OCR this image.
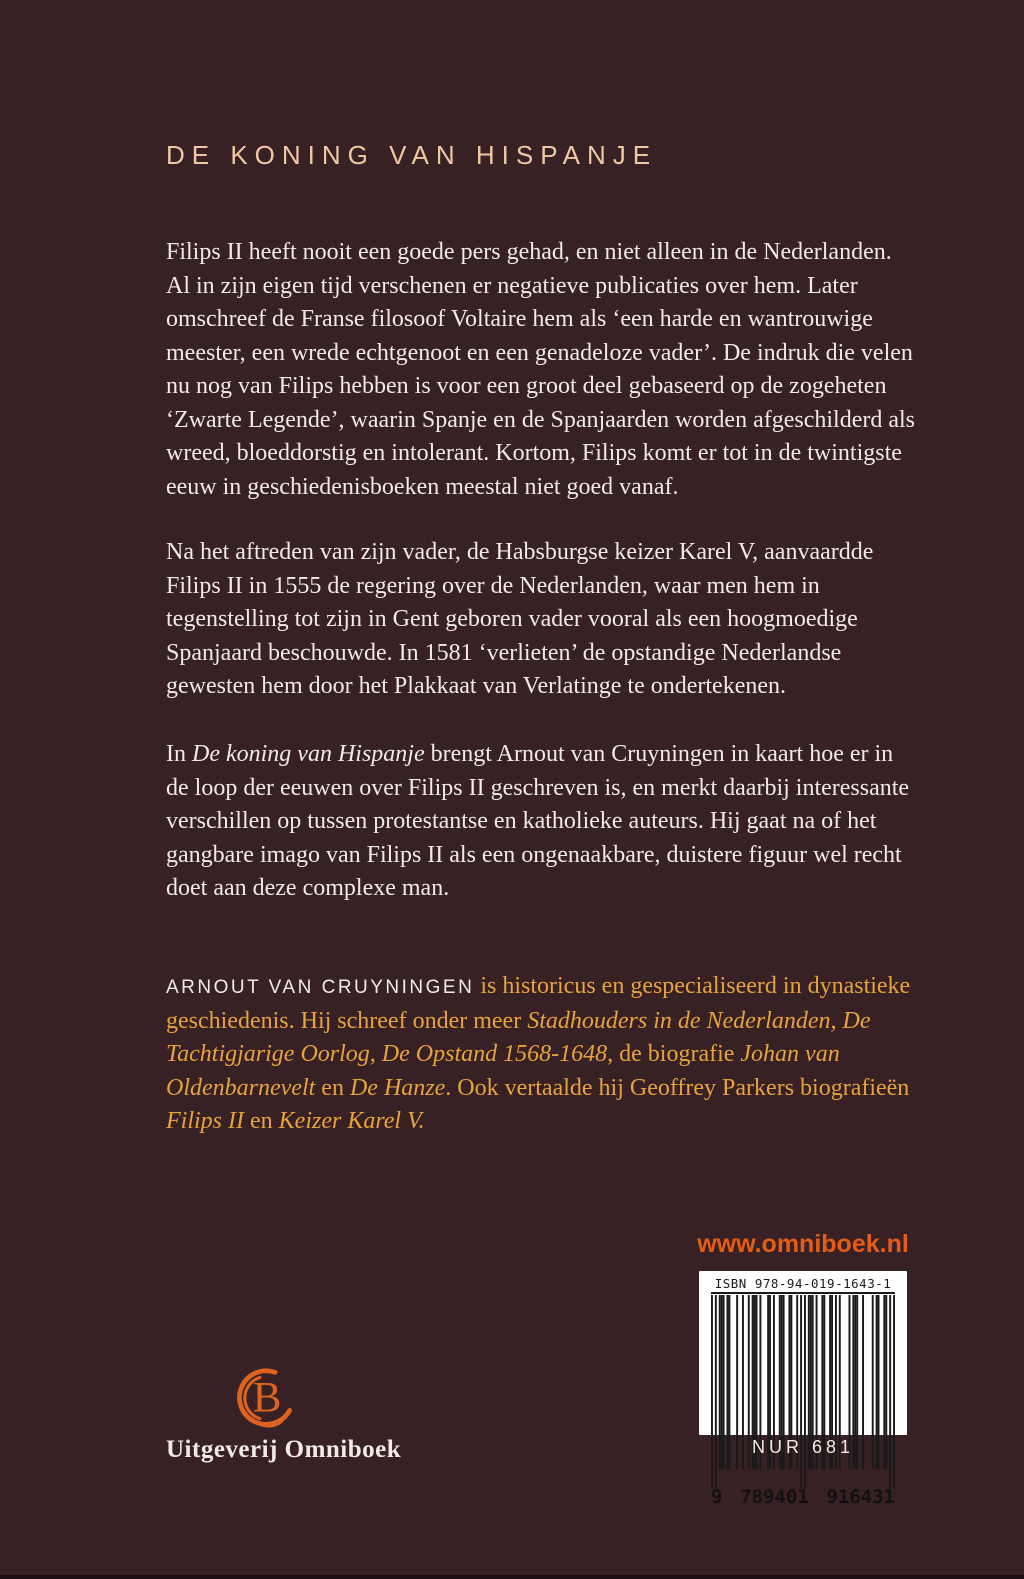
DE KONING VAN HISPANJE

Filips II heeft nooit een goede pers gehad, en niet alleen in de Nederlanden. Al in zijn eigen tijd verschenen er negatieve publicaties over hem. Later omschreef de Franse filosoof Voltaire hem als ‘een harde en wantrouwige meester, een wrede echtgenoot en een genadeloze vader’. De indruk die velen nu nog van Filips hebben is voor een groot deel gebaseerd op de zogeheten ‘Zwarte Legende’, waarin Spanje en de Spanjaarden worden afgeschilderd als wreed, bloeddorstig en intolerant. Kortom, Filips komt er tot in de twintigste eeuw in geschiedenisboeken meestal niet goed vanaf.

Na het aftreden van zijn vader, de Habsburgse keizer Karel V, aanvaardde Filips II in 1555 de regering over de Nederlanden, waar men hem in tegenstelling tot zijn in Gent geboren vader vooral als een hoogmoedige Spanjaard beschouwde. In 1581 ‘verlieten’ de opstandige Nederlandse gewesten hem door het Plakkaat van Verlatinge te ondertekenen.

In De koning van Hispanje brengt Arnout van Cruyningen in kaart hoe er in de loop der eeuwen over Filips II geschreven is, en merkt daarbij interessante verschillen op tussen protestantse en katholieke auteurs. Hij gaat na of het gangbare imago van Filips II als een ongenaakbare, duistere figuur wel recht doet aan deze complexe man.

ARNOUT VAN CRUYNINGEN is historicus en gespecialiseerd in dynastieke geschiedenis. Hij schreef onder meer Stadhouders in de Nederlanden, De Tachtigjarige Oorlog, De Opstand 1568-1648, de biografie Johan van Oldenbarnevelt en De Hanze. Ook vertaalde hij Geoffrey Parkers biografieën Filips II en Keizer Karel V.

www.omniboek.nl
ISBN 978-94-019-1643-1
9 789401 916431
NUR 681
B
Uitgeverij Omniboek
